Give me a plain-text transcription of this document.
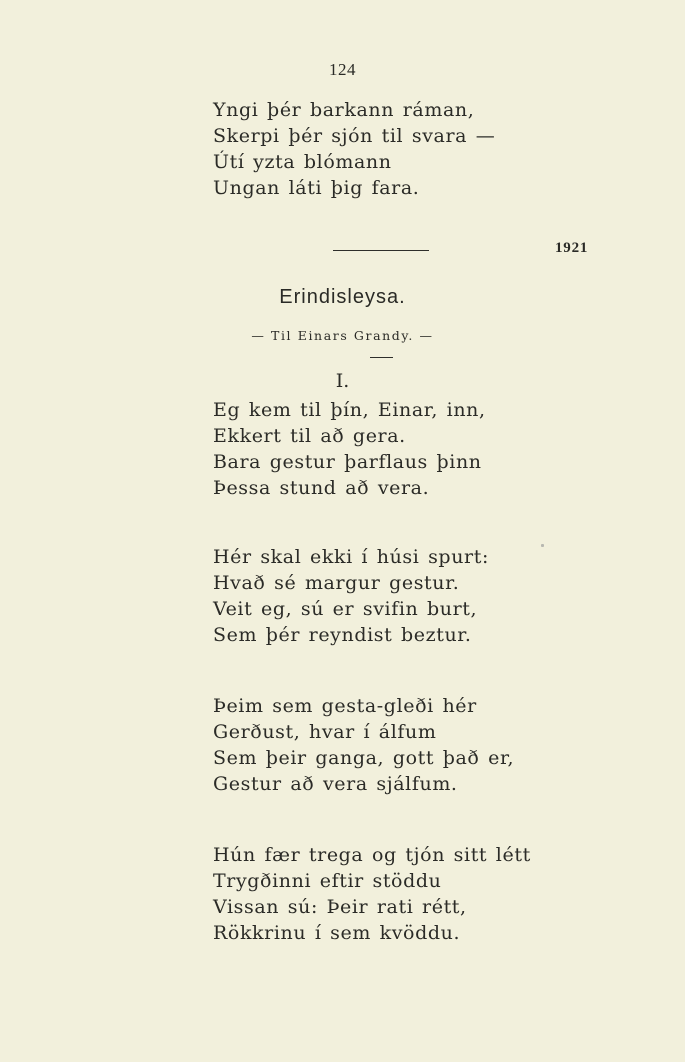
124
Yngi þér barkann ráman,
Skerpi þér sjón til svara —
Útí yzta blómann
Ungan láti þig fara.
1921
Erindisleysa.
— Til Einars Grandy. —
I.
Eg kem til þín, Einar, inn,
Ekkert til að gera.
Bara gestur þarflaus þinn
Þessa stund að vera.
Hér skal ekki í húsi spurt:
Hvað sé margur gestur.
Veit eg, sú er svifin burt,
Sem þér reyndist beztur.
Þeim sem gesta-gleði hér
Gerðust, hvar í álfum
Sem þeir ganga, gott það er,
Gestur að vera sjálfum.
Hún fær trega og tjón sitt létt
Trygðinni eftir stöddu
Vissan sú: Þeir rati rétt,
Rökkrinu í sem kvöddu.
